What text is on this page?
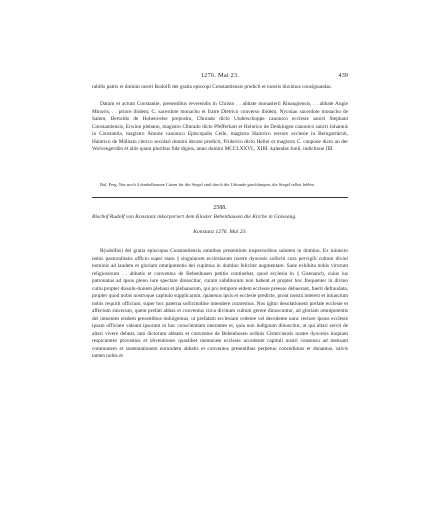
1276. Mai 23.	439

rabilis patris et domini nostri Rudolfi dei gratia episcopi Constantiensis predicti et nostris duximus consignandas.

Datum et actum Constantie, presentibus reverendis in Christo . . abbate monasterii Rinaugiensis, . . abbate Augie Minoris, . . priore ibidem, C. sacerdote monacho et fratre Dietrico converso ibidem, Nycolao sacerdote monacho de Salem, Bertoldo de Hohenvelse preposito, Cħnrado dicto Underschoppe canonico ecclesie sancti Stephani Constantiensis, Erwino plebano, magistro Cħnrado dicto Pfefferhart et Heinrico de Denkingen canonico sancti Johannis in Constantia, magistro Amone canonico Episcopalis Celle, magistro Hainrico rectore ecclesie in Berngartüruti, Hainrico de Mülhain clerico seculari domini decani predicti, Friderico dicto Heller et magistro C. caupone dicto an der Wolvengerdön et aliis quam pluribus fide dignis, anno domini MCCLXXVI., XIIII. kalendas Junii, indictione IIII.

Bal. Perg. Nur noch 4 dunkelbraune Litzen für die Siegel sind durch die Urkunde geschlungen, die Siegel selbst fehlen.

2588.
Bischof Rudolf von Konstanz inkorporiert dem Kloster Bebenhausen die Kirche in Gniseang.
Konstanz 1276. Mai 23.

R(udolfus) dei gratia episcopus Constantiensis omnibus presentium inspectoribus salutem in domino. Ex iniuncto nobis pastoralitatis officio super statu || singularum ecclesiarum nostre dyocesis solliciti cura pervigili cultum divini nominis ad laudem et gloriam omnipotentis dei cupimus in domino feliciter augmentare. Sane exhibita nobis virorum religiosorum . . abbatis et conventus de Bebenhusen petitio continebat, quod ecclesia in || Gisenanch, cuius ius patronatus ad ipsos pleno iure spectare dinoscitur, curam subditorum non habeat et propter hoc frequenter in divino cultu propter dissolu-tionem plebani et plebanorum, qui pro tempore eidem ecclesie preesse debuerant, fuerit defraudata, propter quod nobis nostroque capitulo supplicarunt, quatenus ipsis et ecclesie predicte, prout nostra interest et iniunctum nobis requirit officium, super hoc paterna sollicitudine intendere curaremus. Nos igitur desolationem prefate ecclesie et affectum sincerum, quem prefati abbas et conventus circa divinum cultum gerere dinoscuntur, ad gloriam omnipotentis dei intuentes eisdem presentibus indulgemus, ut prefatam ecclesiam cedente vel decedente nunc rectore ipsius ecclesie ipsam officiare valeant ipsorum in hoc conscientiam onerantes et, quia non indignum dinoscitur, ut qui altari servit de altari vivere debeat, iam dictorum abbatis et conventus de Bebenhusen ordinis Cisterciensis nostre dyocesis inopiam respicientes proventus et obventiones quaslibet memorate ecclesie accedente capituli nostri consensu ad mensam communem et sustentationem eorundem abbatis et conventus presentibus perpetuo concedimus et donamus, salvis tamen nobis et
